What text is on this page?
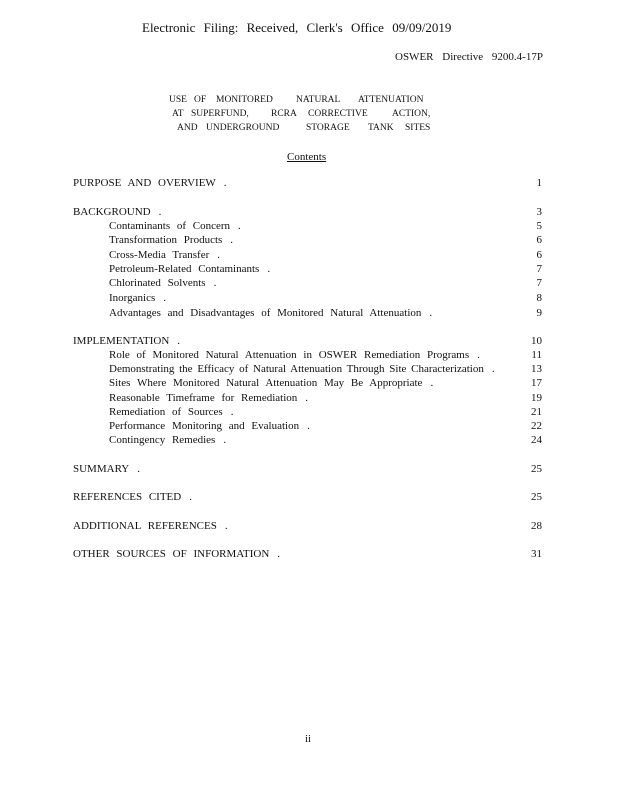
Electronic Filing: Received, Clerk's Office 09/09/2019
OSWER Directive 9200.4-17P
USE OF MONITORED NATURAL ATTENUATION
AT SUPERFUND, RCRA CORRECTIVE	ACTION,
AND UNDERGROUND	STORAGE TANK SITES
Contents
PURPOSE AND OVERVIEW .	1
BACKGROUND .	3
Contaminants of Concern .	5
Transformation Products .	6
Cross-Media Transfer .	6
Petroleum-Related Contaminants .	7
Chlorinated Solvents .	7
Inorganics .	8
Advantages and Disadvantages of Monitored Natural Attenuation .	9
IMPLEMENTATION .	10
Role of Monitored Natural Attenuation in OSWER Remediation Programs .	11
Demonstrating the Efficacy of Natural Attenuation Through Site Characterization .	13
Sites Where Monitored Natural Attenuation May Be Appropriate .	17
Reasonable Timeframe for Remediation .	19
Remediation of Sources .	21
Performance Monitoring and Evaluation .	22
Contingency Remedies .	24
SUMMARY .	25
REFERENCES CITED .	25
ADDITIONAL REFERENCES .	28
OTHER SOURCES OF INFORMATION .	31
ii
